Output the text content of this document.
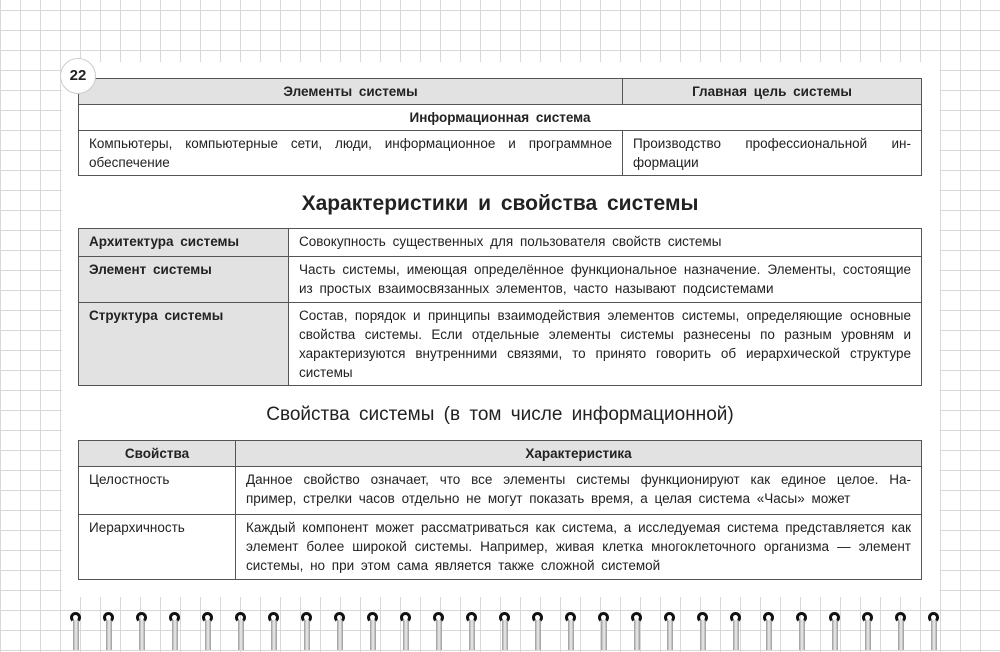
22
Элементы системы	Главная цель системы
Информационная система	
Компьютеры, компьютерные сети, люди, информационное и программное обеспечение	Производство профессиональной информации
Характеристики и свойства системы
Архитектура системы	Совокупность существенных для пользователя свойств системы
Элемент системы	Часть системы, имеющая определённое функциональное назначение. Элементы, состоящие из простых взаимосвязанных элементов, часто называют подсистемами
Структура системы	Состав, порядок и принципы взаимодействия элементов системы, определяющие основные свойства системы. Если отдельные элементы системы разнесены по разным уровням и характеризуются внутренними связями, то принято говорить об иерархической структуре системы
Свойства системы (в том числе информационной)
Свойства	Характеристика
Целостность	Данное свойство означает, что все элементы системы функционируют как единое целое. Например, стрелки часов отдельно не могут показать время, а целая система «Часы» может
Иерархичность	Каждый компонент может рассматриваться как система, а исследуемая система представляется как элемент более широкой системы. Например, живая клетка многоклеточного организма — элемент системы, но при этом сама является также сложной системой
